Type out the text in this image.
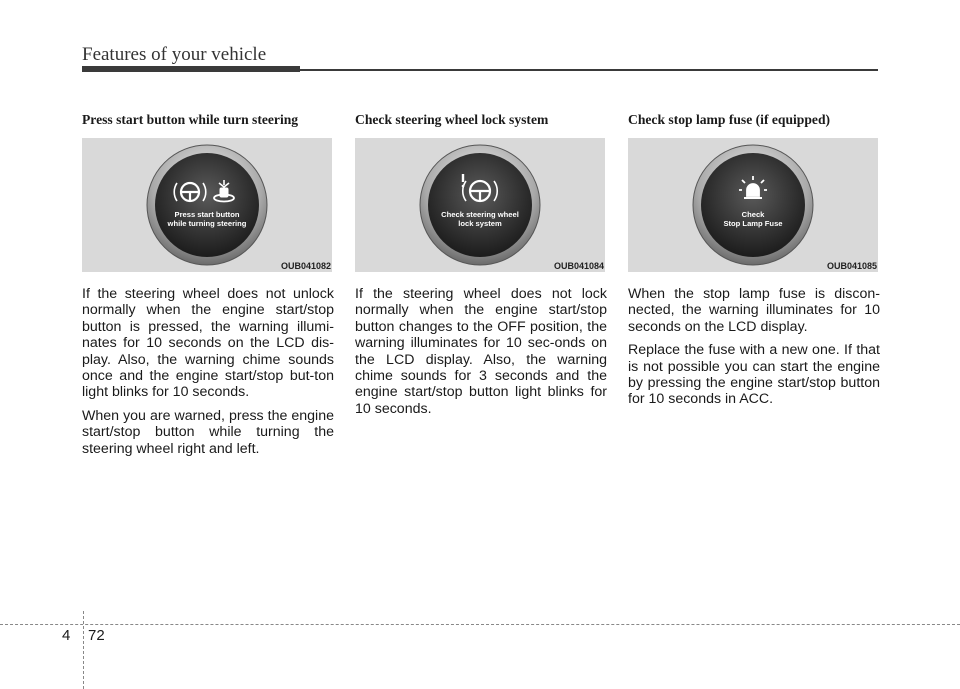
Features of your vehicle

Press start button while turn steering

Press start button
while turning steering
OUB041082

If the steering wheel does not unlock normally when the engine start/stop button is pressed, the warning illumi-nates for 10 seconds on the LCD dis-play. Also, the warning chime sounds once and the engine start/stop but-ton light blinks for 10 seconds.

When you are warned, press the engine start/stop button while turning the steering wheel right and left.

Check steering wheel lock system

Check steering wheel
lock system
OUB041084

If the steering wheel does not lock normally when the engine start/stop button changes to the OFF position, the warning illuminates for 10 sec-onds on the LCD display. Also, the warning chime sounds for 3 seconds and the engine start/stop button light blinks for 10 seconds.

Check stop lamp fuse (if equipped)

Check
Stop Lamp Fuse
OUB041085

When the stop lamp fuse is discon-nected, the warning illuminates for 10 seconds on the LCD display.

Replace the fuse with a new one. If that is not possible you can start the engine by pressing the engine start/stop button for 10 seconds in ACC.

4 72
